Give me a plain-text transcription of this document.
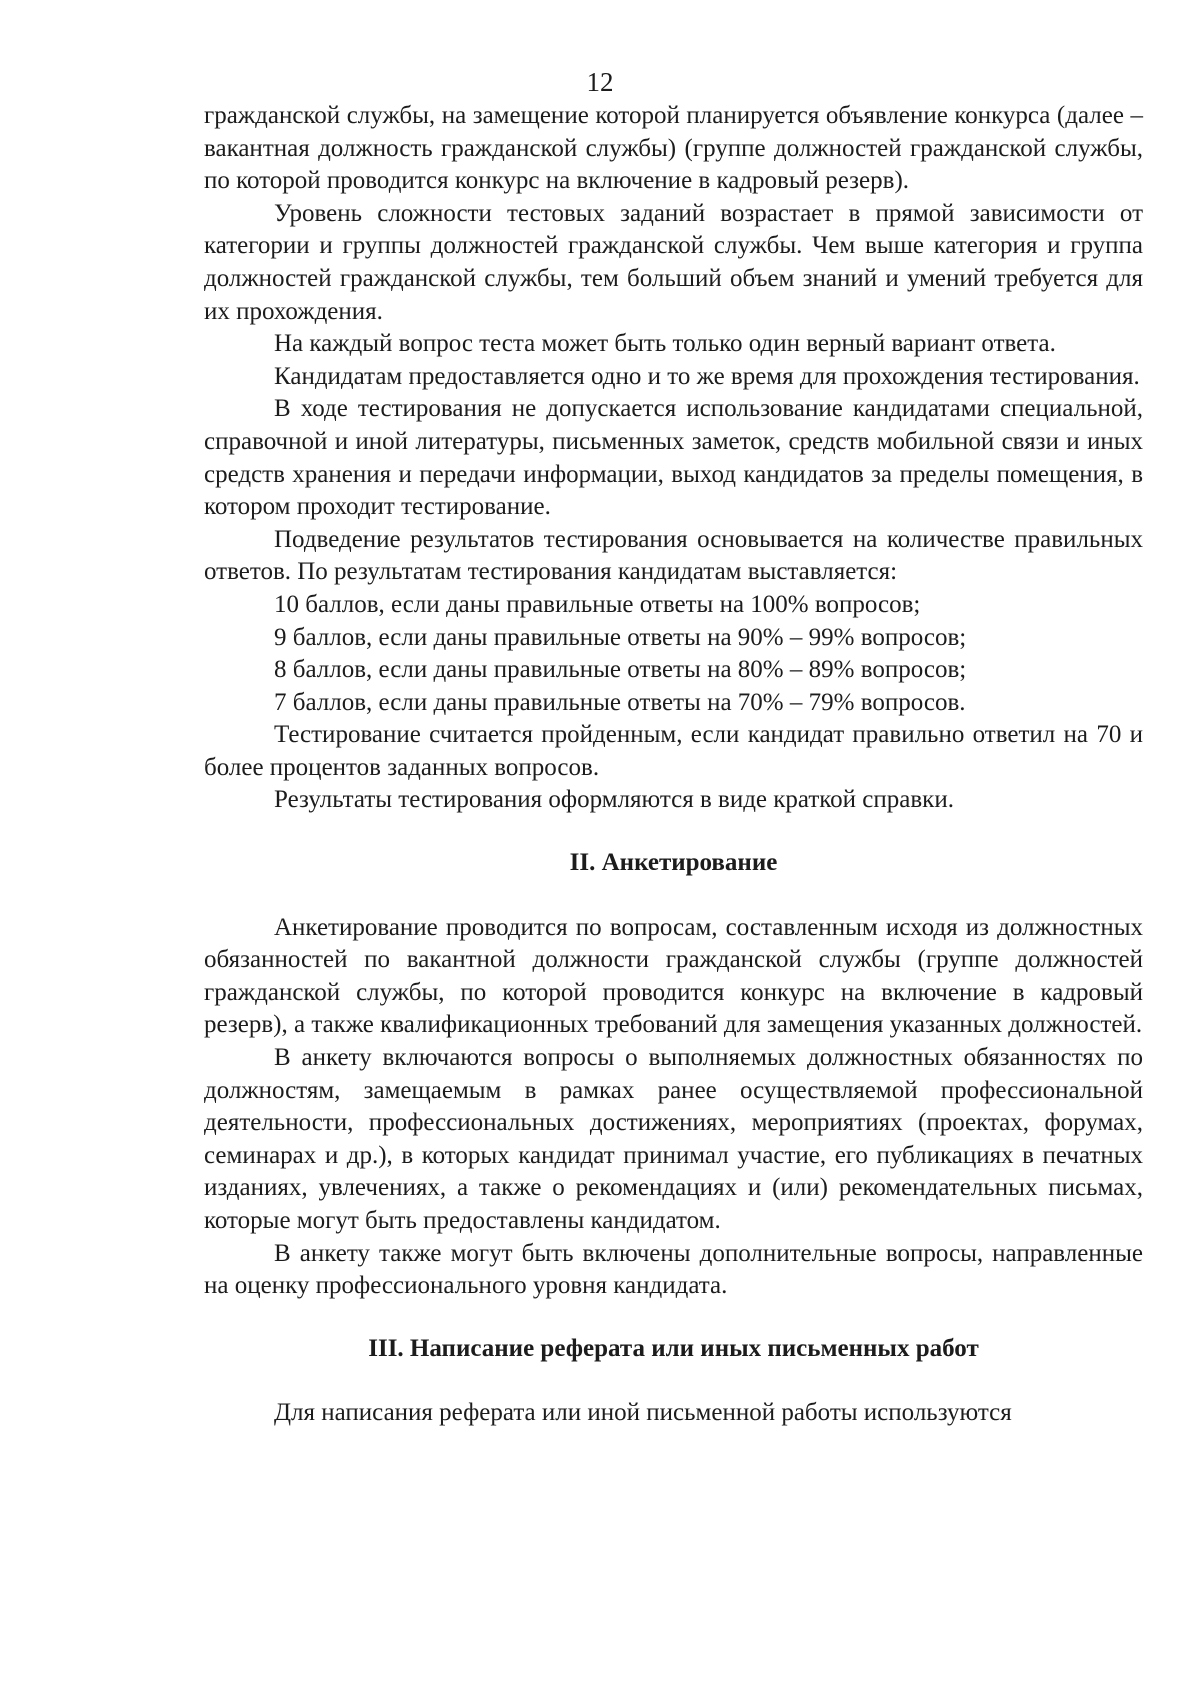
12

гражданской службы, на замещение которой планируется объявление конкурса (далее – вакантная должность гражданской службы) (группе должностей гражданской службы, по которой проводится конкурс на включение в кадровый резерв).

Уровень сложности тестовых заданий возрастает в прямой зависимости от категории и группы должностей гражданской службы. Чем выше категория и группа должностей гражданской службы, тем больший объем знаний и умений требуется для их прохождения.

На каждый вопрос теста может быть только один верный вариант ответа.

Кандидатам предоставляется одно и то же время для прохождения тестирования.

В ходе тестирования не допускается использование кандидатами специальной, справочной и иной литературы, письменных заметок, средств мобильной связи и иных средств хранения и передачи информации, выход кандидатов за пределы помещения, в котором проходит тестирование.

Подведение результатов тестирования основывается на количестве правильных ответов. По результатам тестирования кандидатам выставляется:

10 баллов, если даны правильные ответы на 100% вопросов;

9 баллов, если даны правильные ответы на 90% – 99% вопросов;

8 баллов, если даны правильные ответы на 80% – 89% вопросов;

7 баллов, если даны правильные ответы на 70% – 79% вопросов.

Тестирование считается пройденным, если кандидат правильно ответил на 70 и более процентов заданных вопросов.

Результаты тестирования оформляются в виде краткой справки.

II. Анкетирование

Анкетирование проводится по вопросам, составленным исходя из должностных обязанностей по вакантной должности гражданской службы (группе должностей гражданской службы, по которой проводится конкурс на включение в кадровый резерв), а также квалификационных требований для замещения указанных должностей.

В анкету включаются вопросы о выполняемых должностных обязанностях по должностям, замещаемым в рамках ранее осуществляемой профессиональной деятельности, профессиональных достижениях, мероприятиях (проектах, форумах, семинарах и др.), в которых кандидат принимал участие, его публикациях в печатных изданиях, увлечениях, а также о рекомендациях и (или) рекомендательных письмах, которые могут быть предоставлены кандидатом.

В анкету также могут быть включены дополнительные вопросы, направленные на оценку профессионального уровня кандидата.

III. Написание реферата или иных письменных работ

Для написания реферата или иной письменной работы используются
